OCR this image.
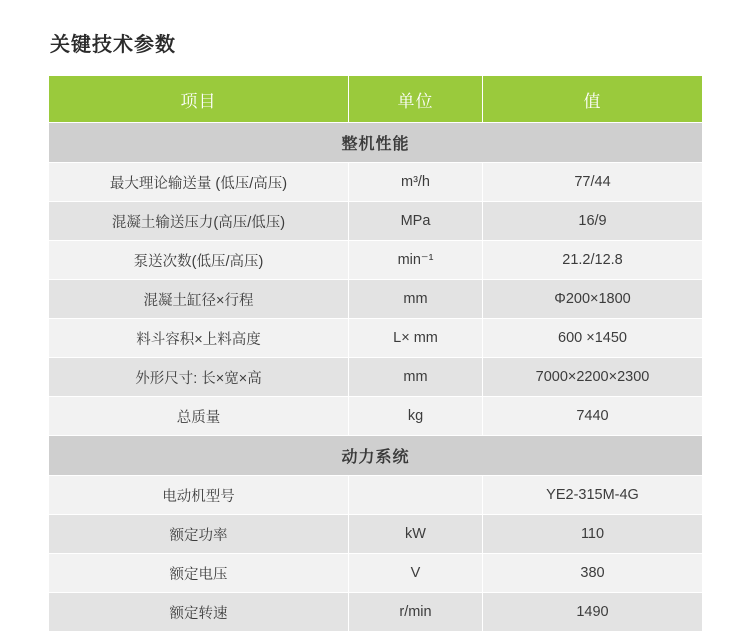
关键技术参数
项目	单位	值
整机性能		
最大理论输送量 (低压/高压)	m³/h	77/44
混凝土输送压力(高压/低压)	MPa	16/9
泵送次数(低压/高压)	min⁻¹	21.2/12.8
混凝土缸径×行程	mm	Φ200×1800
料斗容积×上料高度	L× mm	600 ×1450
外形尺寸: 长×宽×高	mm	7000×2200×2300
总质量	kg	7440
动力系统		
电动机型号		YE2-315M-4G
额定功率	kW	110
额定电压	V	380
额定转速	r/min	1490
